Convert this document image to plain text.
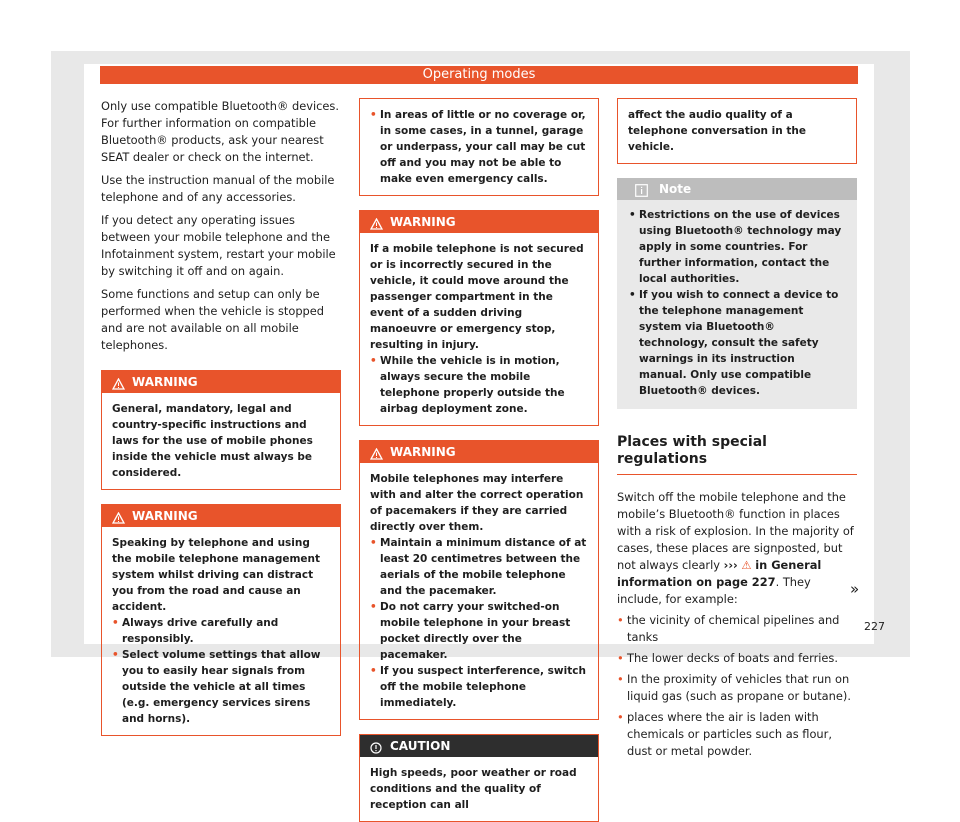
Operating modes

Only use compatible Bluetooth® devices. For further information on compatible Bluetooth® products, ask your nearest SEAT dealer or check on the internet.

Use the instruction manual of the mobile telephone and of any accessories.

If you detect any operating issues between your mobile telephone and the Infotainment system, restart your mobile by switching it off and on again.

Some functions and setup can only be performed when the vehicle is stopped and are not available on all mobile telephones.

WARNING
General, mandatory, legal and country-specific instructions and laws for the use of mobile phones inside the vehicle must always be considered.
WARNING
Speaking by telephone and using the mobile telephone management system whilst driving can distract you from the road and cause an accident.
• Always drive carefully and responsibly.
• Select volume settings that allow you to easily hear signals from outside the vehicle at all times (e.g. emergency services sirens and horns).
• In areas of little or no coverage or, in some cases, in a tunnel, garage or underpass, your call may be cut off and you may not be able to make even emergency calls.
WARNING
If a mobile telephone is not secured or is incorrectly secured in the vehicle, it could move around the passenger compartment in the event of a sudden driving manoeuvre or emergency stop, resulting in injury.
• While the vehicle is in motion, always secure the mobile telephone properly outside the airbag deployment zone.
WARNING
Mobile telephones may interfere with and alter the correct operation of pacemakers if they are carried directly over them.
• Maintain a minimum distance of at least 20 centimetres between the aerials of the mobile telephone and the pacemaker.
• Do not carry your switched-on mobile telephone in your breast pocket directly over the pacemaker.
• If you suspect interference, switch off the mobile telephone immediately.
CAUTION
High speeds, poor weather or road conditions and the quality of reception can all
affect the audio quality of a telephone conversation in the vehicle.
Note
• Restrictions on the use of devices using Bluetooth® technology may apply in some countries. For further information, contact the local authorities.
• If you wish to connect a device to the telephone management system via Bluetooth® technology, consult the safety warnings in its instruction manual. Only use compatible Bluetooth® devices.
Places with special regulations

Switch off the mobile telephone and the mobile’s Bluetooth® function in places with a risk of explosion. In the majority of cases, these places are signposted, but not always clearly ››› ⚠ in General information on page 227. They include, for example:

• the vicinity of chemical pipelines and tanks
• The lower decks of boats and ferries.
• In the proximity of vehicles that run on liquid gas (such as propane or butane).
• places where the air is laden with chemicals or particles such as flour, dust or metal powder.
»
227
